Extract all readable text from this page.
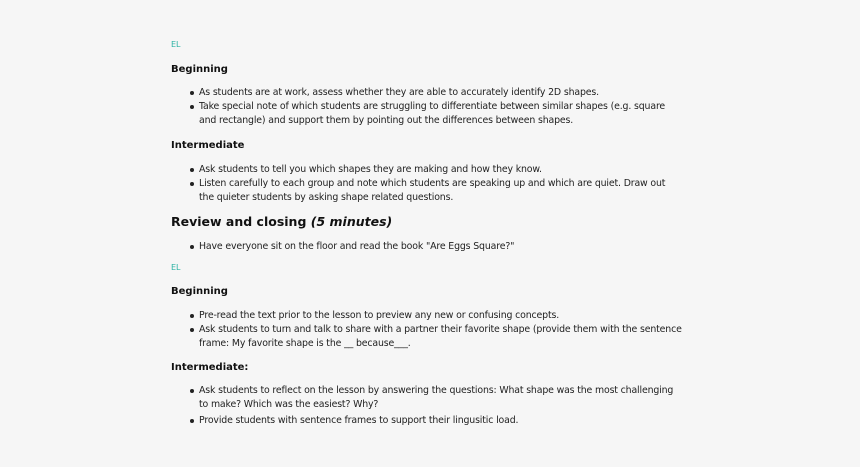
EL
Beginning
As students are at work, assess whether they are able to accurately identify 2D shapes.
Take special note of which students are struggling to differentiate between similar shapes (e.g. square
and rectangle) and support them by pointing out the differences between shapes.
Intermediate
Ask students to tell you which shapes they are making and how they know.
Listen carefully to each group and note which students are speaking up and which are quiet. Draw out
the quieter students by asking shape related questions.
Review and closing (5 minutes)
Have everyone sit on the floor and read the book "Are Eggs Square?"
EL
Beginning
Pre-read the text prior to the lesson to preview any new or confusing concepts.
Ask students to turn and talk to share with a partner their favorite shape (provide them with the sentence
frame: My favorite shape is the __ because___.
Intermediate:
Ask students to reflect on the lesson by answering the questions: What shape was the most challenging
to make? Which was the easiest? Why?
Provide students with sentence frames to support their lingusitic load.
